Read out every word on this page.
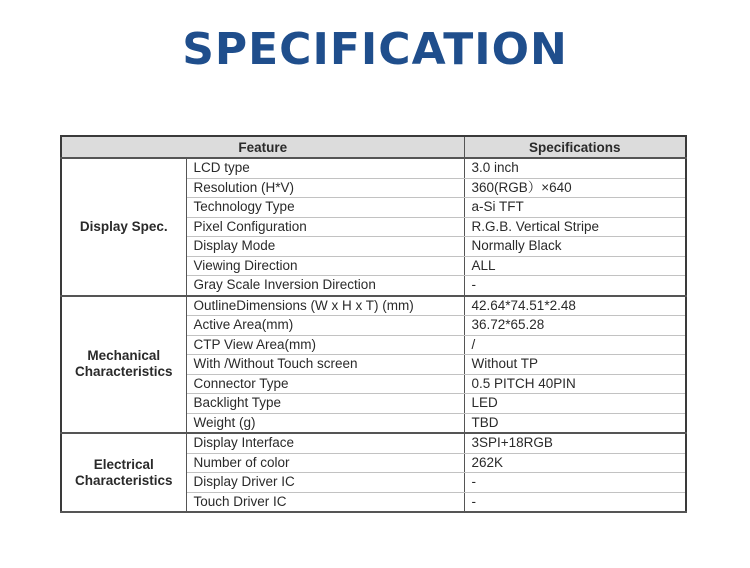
SPECIFICATION
Feature		Specifications
Display Spec.	LCD type	3.0 inch
	Resolution (H*V)	360(RGB）×640
	Technology Type	a-Si TFT
	Pixel Configuration	R.G.B. Vertical Stripe
	Display Mode	Normally Black
	Viewing Direction	ALL
	Gray Scale Inversion Direction	-
Mechanical Characteristics	OutlineDimensions (W x H x T) (mm)	42.64*74.51*2.48
	Active Area(mm)	36.72*65.28
	CTP View Area(mm)	/
	With /Without Touch screen	Without TP
	Connector Type	0.5 PITCH 40PIN
	Backlight Type	LED
	Weight (g)	TBD
Electrical Characteristics	Display Interface	3SPI+18RGB
	Number of color	262K
	Display Driver IC	-
	Touch Driver IC	-
